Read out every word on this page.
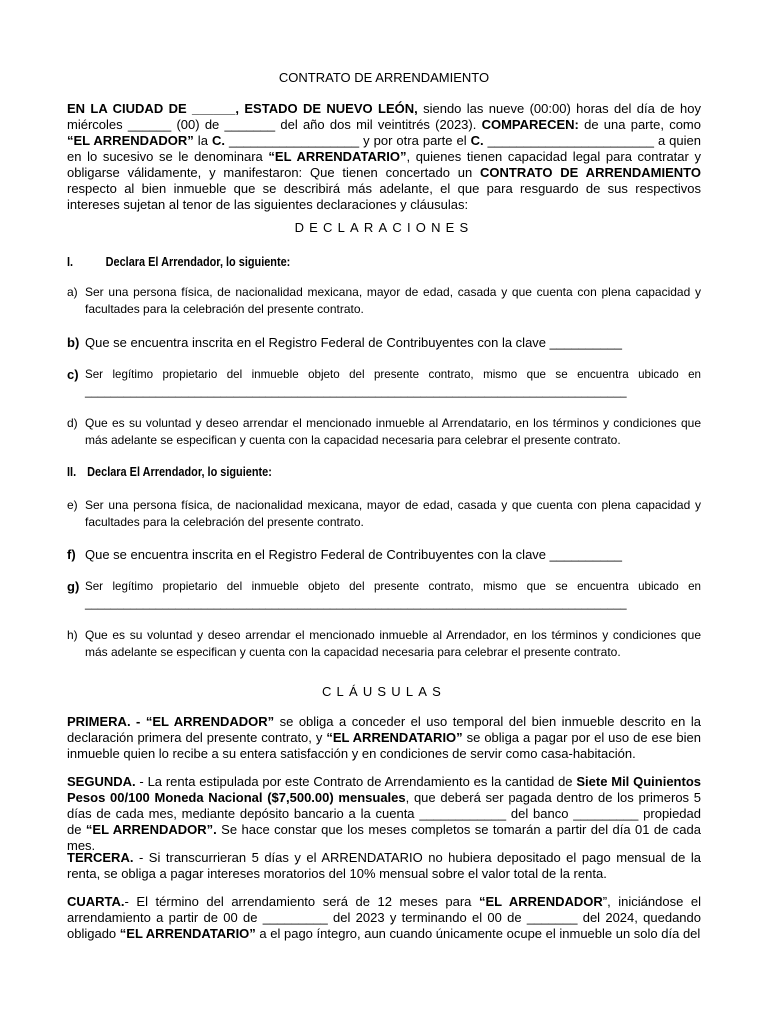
CONTRATO DE ARRENDAMIENTO

EN LA CIUDAD DE ______, ESTADO DE NUEVO LEÓN, siendo las nueve (00:00) horas del día de hoy miércoles ______ (00) de _______ del año dos mil veintitrés (2023). COMPARECEN: de una parte, como “EL ARRENDADOR” la C. __________________ y por otra parte el C. _______________________ a quien en lo sucesivo se le denominara “EL ARRENDATARIO”, quienes tienen capacidad legal para contratar y obligarse válidamente, y manifestaron: Que tienen concertado un CONTRATO DE ARRENDAMIENTO respecto al bien inmueble que se describirá más adelante, el que para resguardo de sus respectivos intereses sujetan al tenor de las siguientes declaraciones y cláusulas:

DECLARACIONES
I.	Declara El Arrendador, lo siguiente:
a) Ser una persona física, de nacionalidad mexicana, mayor de edad, casada y que cuenta con plena capacidad y facultades para la celebración del presente contrato.
b) Que se encuentra inscrita en el Registro Federal de Contribuyentes con la clave __________
c) Ser legítimo propietario del inmueble objeto del presente contrato, mismo que se encuentra ubicado en ____________________________________________________________________________________
d) Que es su voluntad y deseo arrendar el mencionado inmueble al Arrendatario, en los términos y condiciones que más adelante se especifican y cuenta con la capacidad necesaria para celebrar el presente contrato.
II. Declara El Arrendador, lo siguiente:
e) Ser una persona física, de nacionalidad mexicana, mayor de edad, casada y que cuenta con plena capacidad y facultades para la celebración del presente contrato.
f) Que se encuentra inscrita en el Registro Federal de Contribuyentes con la clave __________
g) Ser legítimo propietario del inmueble objeto del presente contrato, mismo que se encuentra ubicado en ____________________________________________________________________________________
h) Que es su voluntad y deseo arrendar el mencionado inmueble al Arrendador, en los términos y condiciones que más adelante se especifican y cuenta con la capacidad necesaria para celebrar el presente contrato.
CLÁUSULAS

PRIMERA. - “EL ARRENDADOR” se obliga a conceder el uso temporal del bien inmueble descrito en la declaración primera del presente contrato, y “EL ARRENDATARIO” se obliga a pagar por el uso de ese bien inmueble quien lo recibe a su entera satisfacción y en condiciones de servir como casa-habitación.

SEGUNDA. - La renta estipulada por este Contrato de Arrendamiento es la cantidad de Siete Mil Quinientos Pesos 00/100 Moneda Nacional ($7,500.00) mensuales, que deberá ser pagada dentro de los primeros 5 días de cada mes, mediante depósito bancario a la cuenta ____________ del banco _________ propiedad de “EL ARRENDADOR”. Se hace constar que los meses completos se tomarán a partir del día 01 de cada mes.

TERCERA. - Si transcurrieran 5 días y el ARRENDATARIO no hubiera depositado el pago mensual de la renta, se obliga a pagar intereses moratorios del 10% mensual sobre el valor total de la renta.

CUARTA.- El término del arrendamiento será de 12 meses para “EL ARRENDADOR”, iniciándose el arrendamiento a partir de 00 de _________ del 2023 y terminando el 00 de _______ del 2024, quedando obligado “EL ARRENDATARIO” a el pago íntegro, aun cuando únicamente ocupe el inmueble un solo día del
